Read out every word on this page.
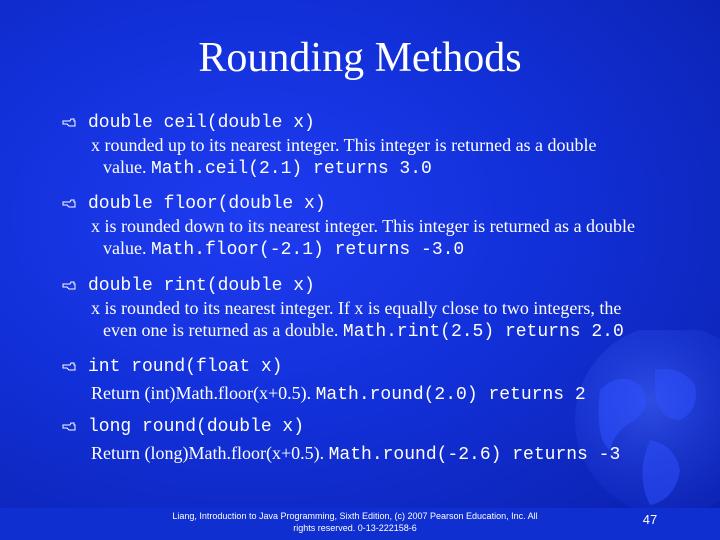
Rounding Methods
double ceil(double x)
x rounded up to its nearest integer. This integer is returned as a double
value. Math.ceil(2.1) returns 3.0
double floor(double x)
x is rounded down to its nearest integer. This integer is returned as a double
value. Math.floor(-2.1) returns -3.0
double rint(double x)
x is rounded to its nearest integer. If x is equally close to two integers, the
even one is returned as a double. Math.rint(2.5) returns 2.0
int round(float x)
Return (int)Math.floor(x+0.5). Math.round(2.0) returns 2
long round(double x)
Return (long)Math.floor(x+0.5). Math.round(-2.6) returns -3
Liang, Introduction to Java Programming, Sixth Edition, (c) 2007 Pearson Education, Inc. All
rights reserved. 0-13-222158-6
47
